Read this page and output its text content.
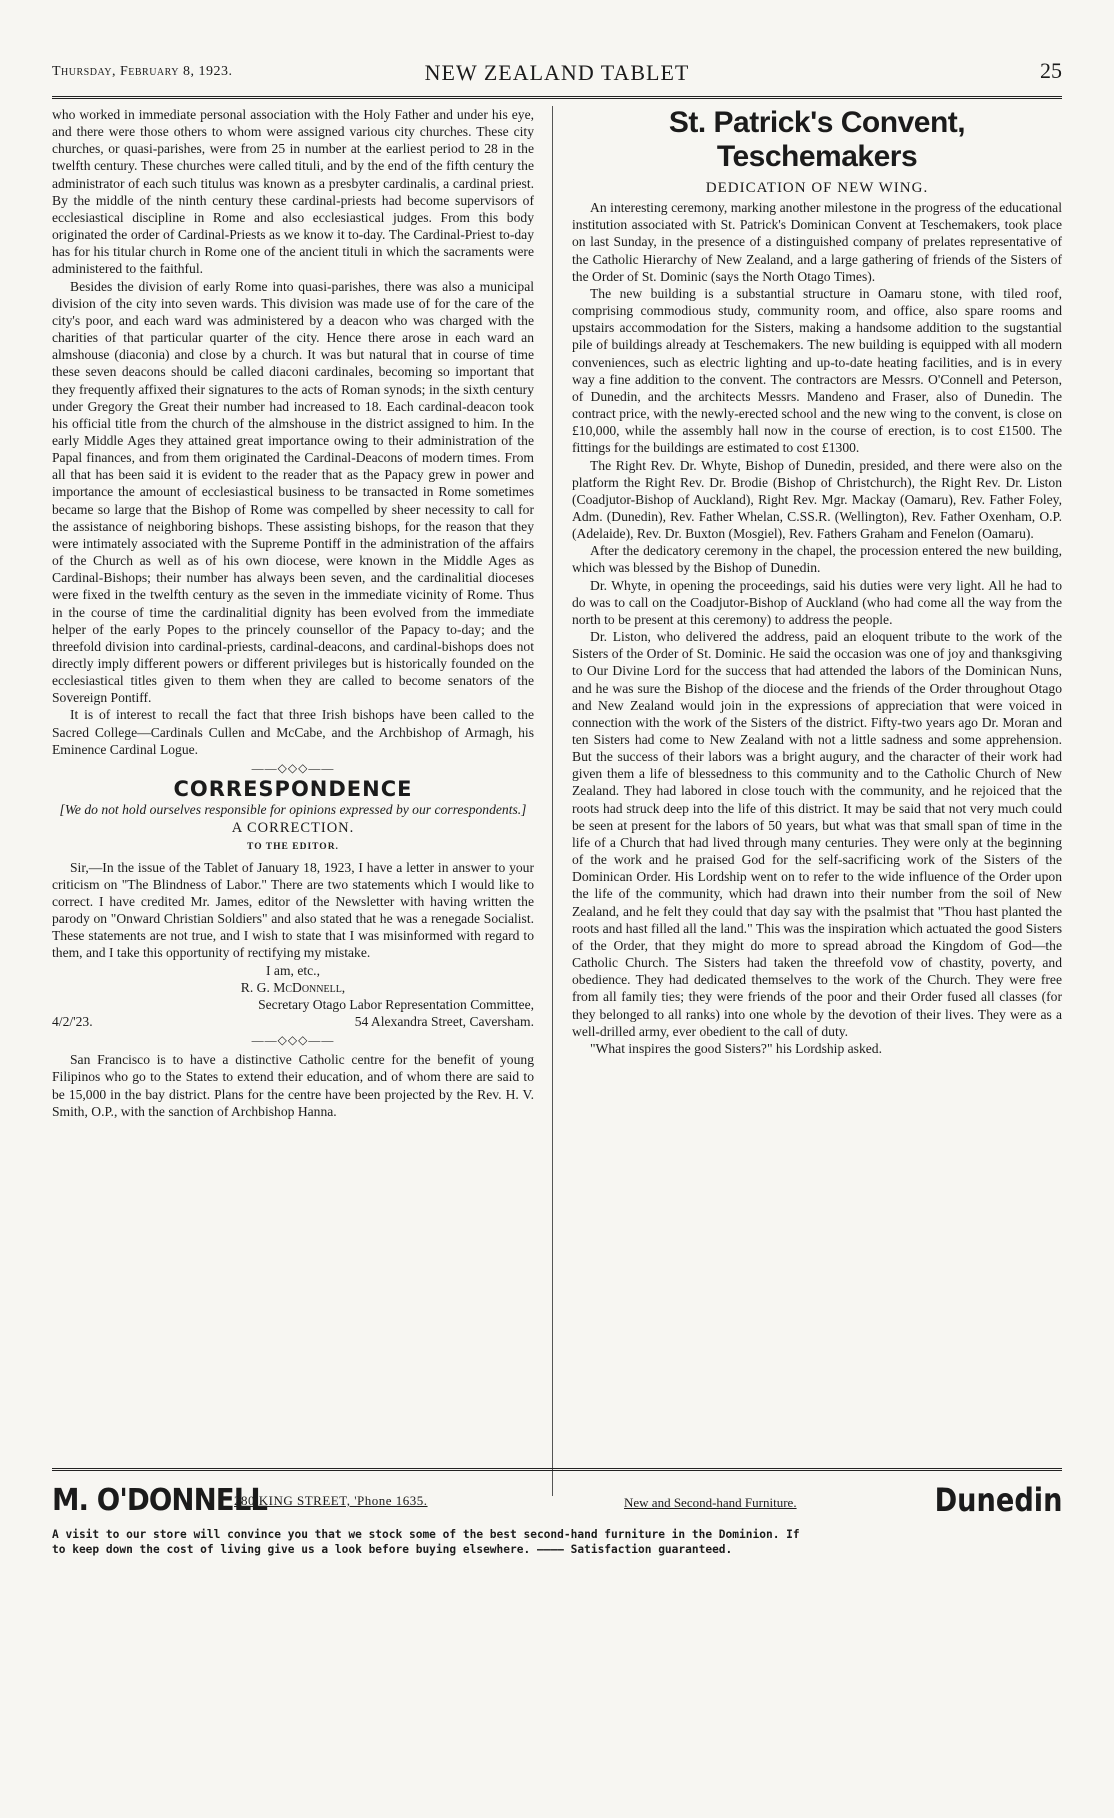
Thursday, February 8, 1923.	NEW ZEALAND TABLET	25

who worked in immediate personal association with the Holy Father and under his eye, and there were those others to whom were assigned various city churches. These city churches, or quasi-parishes, were from 25 in number at the earliest period to 28 in the twelfth century. These churches were called tituli, and by the end of the fifth century the administrator of each such titulus was known as a presbyter cardinalis, a cardinal priest. By the middle of the ninth century these cardinal-priests had become supervisors of ecclesiastical discipline in Rome and also ecclesiastical judges. From this body originated the order of Cardinal-Priests as we know it to-day. The Cardinal-Priest to-day has for his titular church in Rome one of the ancient tituli in which the sacraments were administered to the faithful.

Besides the division of early Rome into quasi-parishes, there was also a municipal division of the city into seven wards. This division was made use of for the care of the city's poor, and each ward was administered by a deacon who was charged with the charities of that particular quarter of the city. Hence there arose in each ward an almshouse (diaconia) and close by a church. It was but natural that in course of time these seven deacons should be called diaconi cardinales, becoming so important that they frequently affixed their signatures to the acts of Roman synods; in the sixth century under Gregory the Great their number had increased to 18. Each cardinal-deacon took his official title from the church of the almshouse in the district assigned to him. In the early Middle Ages they attained great importance owing to their administration of the Papal finances, and from them originated the Cardinal-Deacons of modern times. From all that has been said it is evident to the reader that as the Papacy grew in power and importance the amount of ecclesiastical business to be transacted in Rome sometimes became so large that the Bishop of Rome was compelled by sheer necessity to call for the assistance of neighboring bishops. These assisting bishops, for the reason that they were intimately associated with the Supreme Pontiff in the administration of the affairs of the Church as well as of his own diocese, were known in the Middle Ages as Cardinal-Bishops; their number has always been seven, and the cardinalitial dioceses were fixed in the twelfth century as the seven in the immediate vicinity of Rome. Thus in the course of time the cardinalitial dignity has been evolved from the immediate helper of the early Popes to the princely counsellor of the Papacy to-day; and the threefold division into cardinal-priests, cardinal-deacons, and cardinal-bishops does not directly imply different powers or different privileges but is historically founded on the ecclesiastical titles given to them when they are called to become senators of the Sovereign Pontiff.

It is of interest to recall the fact that three Irish bishops have been called to the Sacred College—Cardinals Cullen and McCabe, and the Archbishop of Armagh, his Eminence Cardinal Logue.

——◇◇◇——
CORRESPONDENCE
[We do not hold ourselves responsible for opinions expressed by our correspondents.]
A CORRECTION.
TO THE EDITOR.

Sir,—In the issue of the Tablet of January 18, 1923, I have a letter in answer to your criticism on "The Blindness of Labor." There are two statements which I would like to correct. I have credited Mr. James, editor of the Newsletter with having written the parody on "Onward Christian Soldiers" and also stated that he was a renegade Socialist. These statements are not true, and I wish to state that I was misinformed with regard to them, and I take this opportunity of rectifying my mistake.

I am, etc.,
R. G. McDonnell,
Secretary Otago Labor Representation Committee,
4/2/'23.	54 Alexandra Street, Caversham.
——◇◇◇——

San Francisco is to have a distinctive Catholic centre for the benefit of young Filipinos who go to the States to extend their education, and of whom there are said to be 15,000 in the bay district. Plans for the centre have been projected by the Rev. H. V. Smith, O.P., with the sanction of Archbishop Hanna.

St. Patrick's Convent, Teschemakers
DEDICATION OF NEW WING.

An interesting ceremony, marking another milestone in the progress of the educational institution associated with St. Patrick's Dominican Convent at Teschemakers, took place on last Sunday, in the presence of a distinguished company of prelates representative of the Catholic Hierarchy of New Zealand, and a large gathering of friends of the Sisters of the Order of St. Dominic (says the North Otago Times).

The new building is a substantial structure in Oamaru stone, with tiled roof, comprising commodious study, community room, and office, also spare rooms and upstairs accommodation for the Sisters, making a handsome addition to the sugstantial pile of buildings already at Teschemakers. The new building is equipped with all modern conveniences, such as electric lighting and up-to-date heating facilities, and is in every way a fine addition to the convent. The contractors are Messrs. O'Connell and Peterson, of Dunedin, and the architects Messrs. Mandeno and Fraser, also of Dunedin. The contract price, with the newly-erected school and the new wing to the convent, is close on £10,000, while the assembly hall now in the course of erection, is to cost £1500. The fittings for the buildings are estimated to cost £1300.

The Right Rev. Dr. Whyte, Bishop of Dunedin, presided, and there were also on the platform the Right Rev. Dr. Brodie (Bishop of Christchurch), the Right Rev. Dr. Liston (Coadjutor-Bishop of Auckland), Right Rev. Mgr. Mackay (Oamaru), Rev. Father Foley, Adm. (Dunedin), Rev. Father Whelan, C.SS.R. (Wellington), Rev. Father Oxenham, O.P. (Adelaide), Rev. Dr. Buxton (Mosgiel), Rev. Fathers Graham and Fenelon (Oamaru).

After the dedicatory ceremony in the chapel, the procession entered the new building, which was blessed by the Bishop of Dunedin.

Dr. Whyte, in opening the proceedings, said his duties were very light. All he had to do was to call on the Coadjutor-Bishop of Auckland (who had come all the way from the north to be present at this ceremony) to address the people.

Dr. Liston, who delivered the address, paid an eloquent tribute to the work of the Sisters of the Order of St. Dominic. He said the occasion was one of joy and thanksgiving to Our Divine Lord for the success that had attended the labors of the Dominican Nuns, and he was sure the Bishop of the diocese and the friends of the Order throughout Otago and New Zealand would join in the expressions of appreciation that were voiced in connection with the work of the Sisters of the district. Fifty-two years ago Dr. Moran and ten Sisters had come to New Zealand with not a little sadness and some apprehension. But the success of their labors was a bright augury, and the character of their work had given them a life of blessedness to this community and to the Catholic Church of New Zealand. They had labored in close touch with the community, and he rejoiced that the roots had struck deep into the life of this district. It may be said that not very much could be seen at present for the labors of 50 years, but what was that small span of time in the life of a Church that had lived through many centuries. They were only at the beginning of the work and he praised God for the self-sacrificing work of the Sisters of the Dominican Order. His Lordship went on to refer to the wide influence of the Order upon the life of the community, which had drawn into their number from the soil of New Zealand, and he felt they could that day say with the psalmist that "Thou hast planted the roots and hast filled all the land." This was the inspiration which actuated the good Sisters of the Order, that they might do more to spread abroad the Kingdom of God—the Catholic Church. The Sisters had taken the threefold vow of chastity, poverty, and obedience. They had dedicated themselves to the work of the Church. They were free from all family ties; they were friends of the poor and their Order fused all classes (for they belonged to all ranks) into one whole by the devotion of their lives. They were as a well-drilled army, ever obedient to the call of duty.

"What inspires the good Sisters?" his Lordship asked.

M. O'DONNELL
280 KING STREET, 'Phone 1635.	New and Second-hand Furniture.	Dunedin
A visit to our store will convince you that we stock some of the best second-hand furniture in the Dominion. If
to keep down the cost of living give us a look before buying elsewhere. ———— Satisfaction guaranteed.
